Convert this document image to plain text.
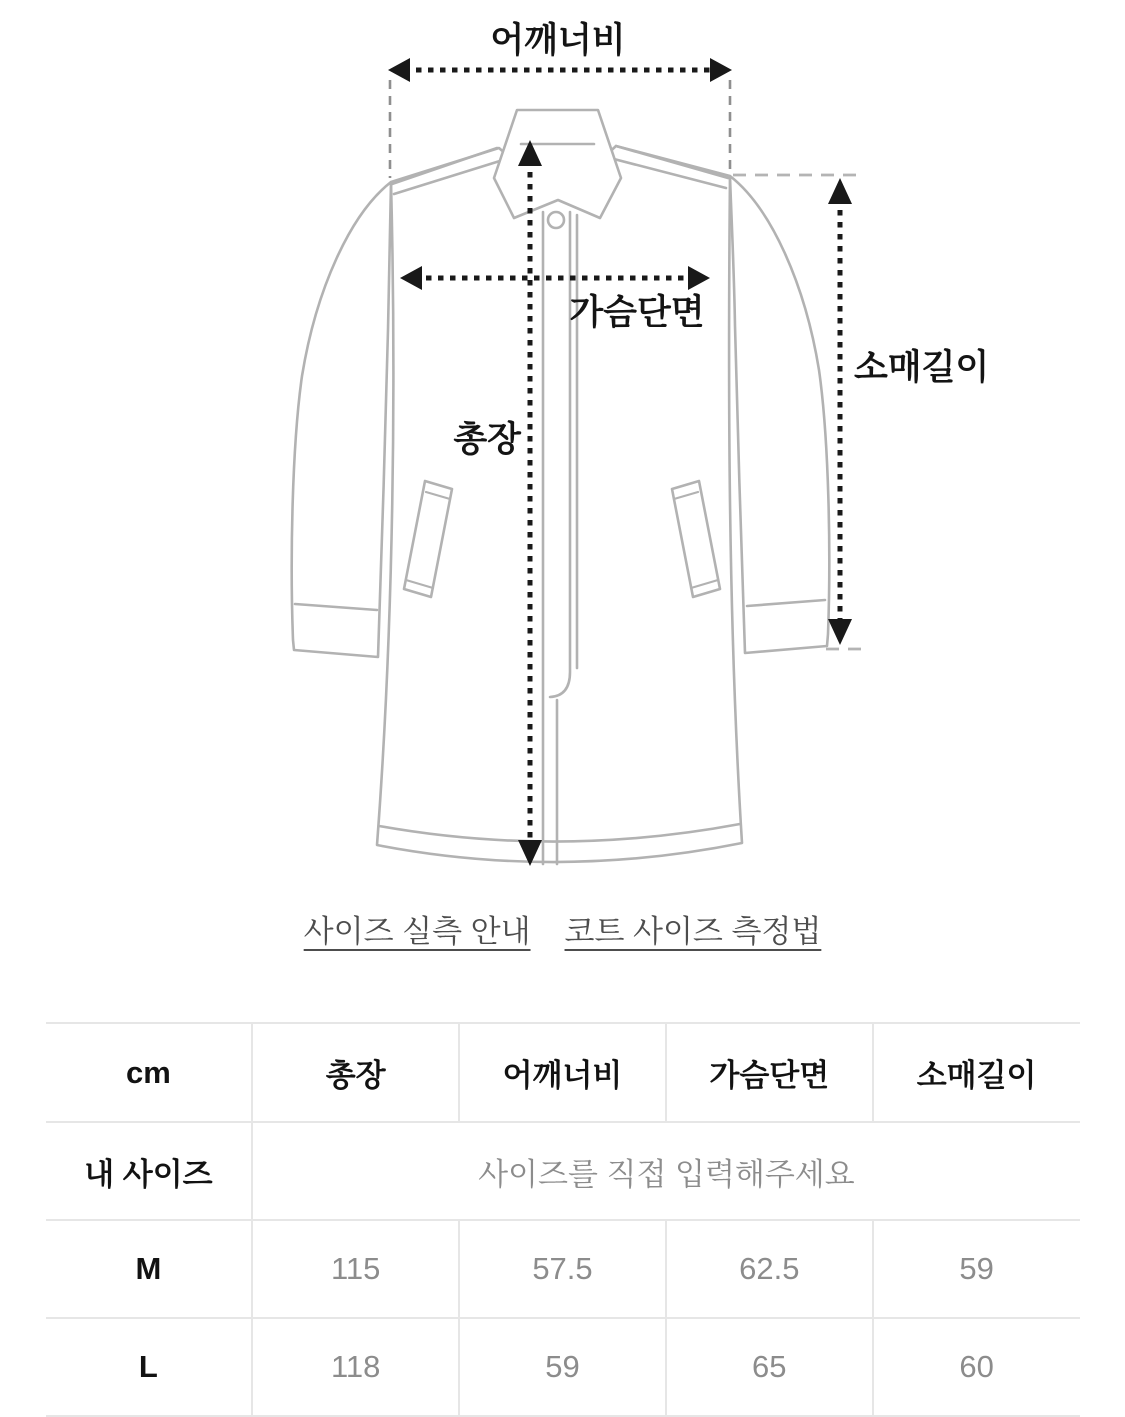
어깨너비
가슴단면
총장
소매길이
사이즈 실측 안내 코트 사이즈 측정법
cm	총장	어깨너비	가슴단면	소매길이
내 사이즈	사이즈를 직접 입력해주세요			
M	115	57.5	62.5	59
L	118	59	65	60
